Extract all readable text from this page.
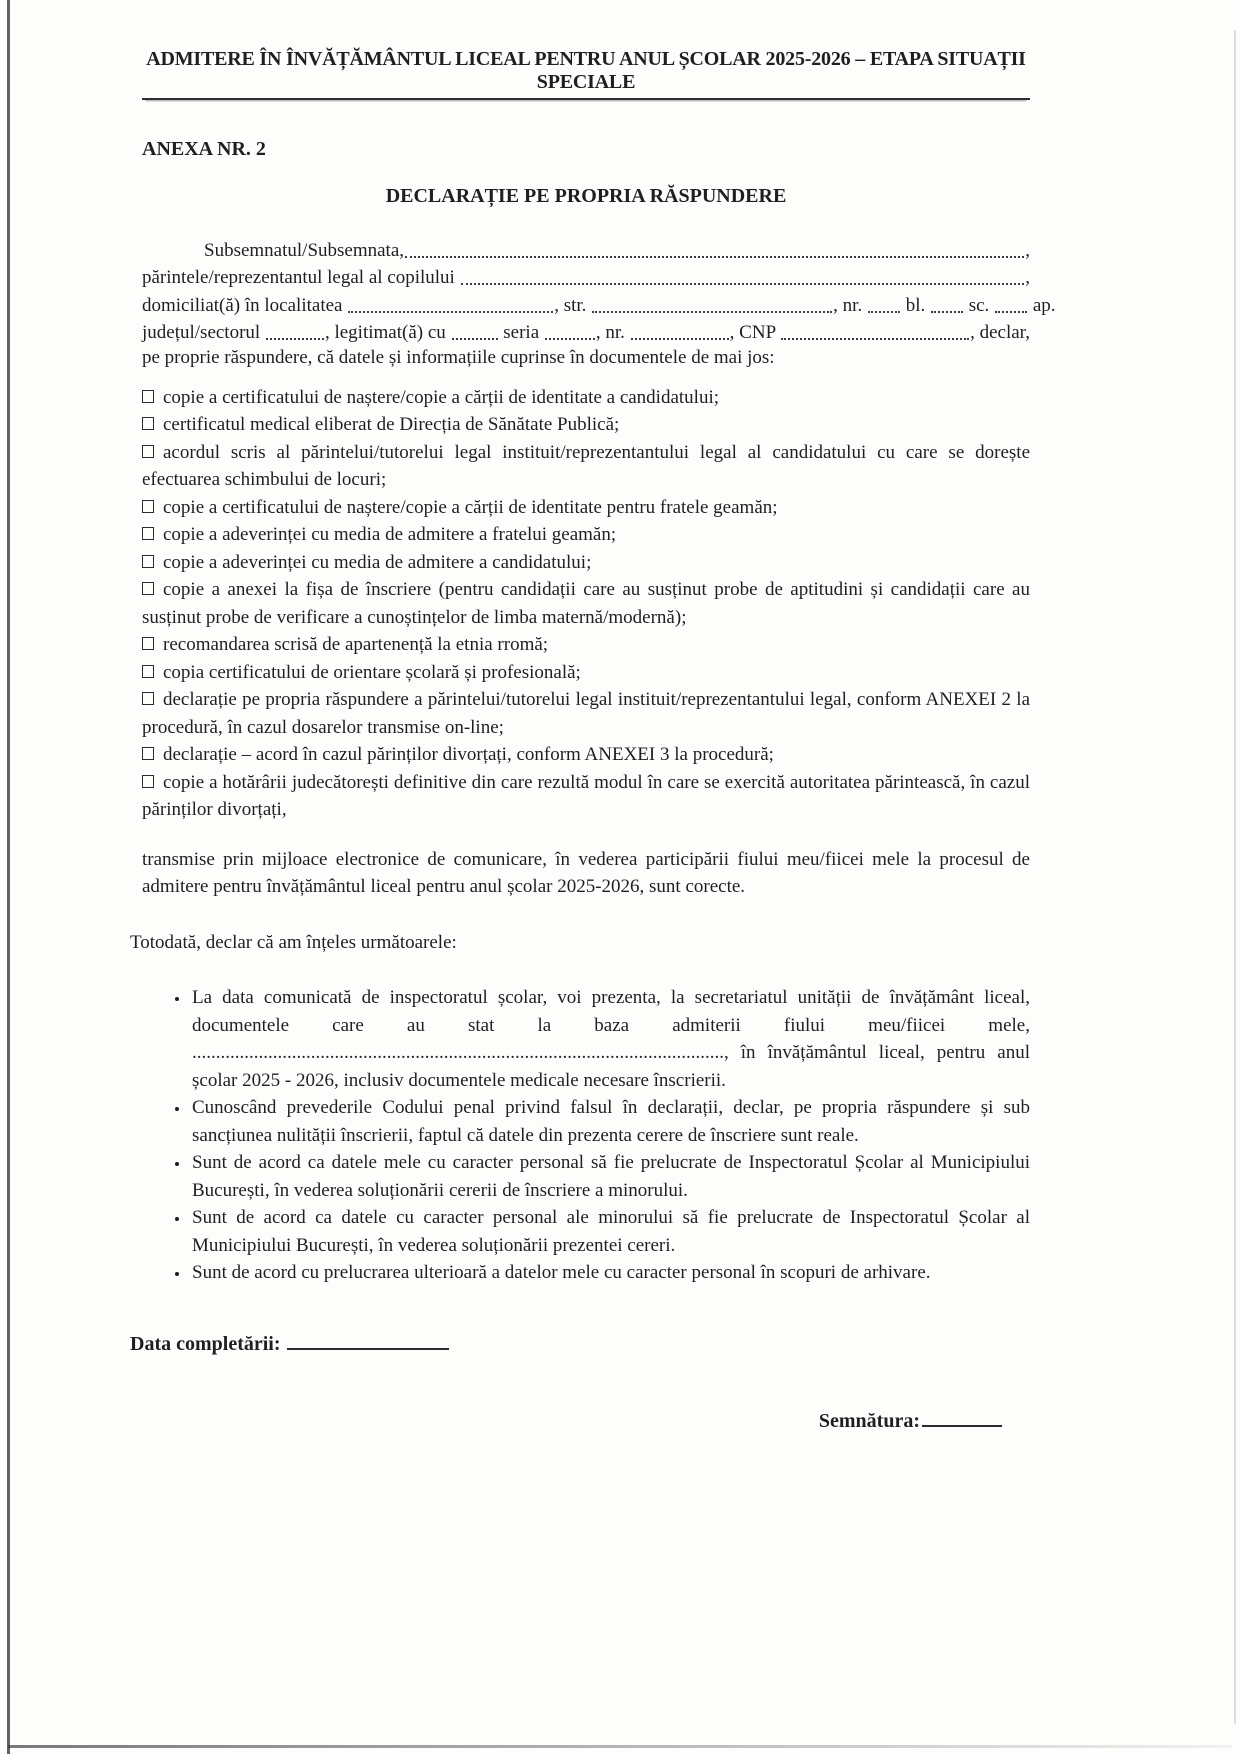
ADMITERE ÎN ÎNVĂȚĂMÂNTUL LICEAL PENTRU ANUL ȘCOLAR 2025-2026 – ETAPA SITUAȚII SPECIALE
ANEXA NR. 2
DECLARAȚIE PE PROPRIA RĂSPUNDERE
Subsemnatul/Subsemnata,	,
părintele/reprezentantul legal al copilului	,
domiciliat(ă) în localitatea	, str.	, nr. bl. sc. ap.
județul/sectorul	, legitimat(ă) cu	seria	, nr.	, CNP	, declar,

pe proprie răspundere, că datele și informațiile cuprinse în documentele de mai jos:

copie a certificatului de naștere/copie a cărții de identitate a candidatului;
certificatul medical eliberat de Direcția de Sănătate Publică;
acordul scris al părintelui/tutorelui legal instituit/reprezentantului legal al candidatului cu care se dorește efectuarea schimbului de locuri;
copie a certificatului de naștere/copie a cărții de identitate pentru fratele geamăn;
copie a adeverinței cu media de admitere a fratelui geamăn;
copie a adeverinței cu media de admitere a candidatului;
copie a anexei la fișa de înscriere (pentru candidații care au susținut probe de aptitudini și candidații care au susținut probe de verificare a cunoștințelor de limba maternă/modernă);
recomandarea scrisă de apartenență la etnia rromă;
copia certificatului de orientare școlară și profesională;
declarație pe propria răspundere a părintelui/tutorelui legal instituit/reprezentantului legal, conform ANEXEI 2 la procedură, în cazul dosarelor transmise on-line;
declarație – acord în cazul părinților divorțați, conform ANEXEI 3 la procedură;
copie a hotărârii judecătorești definitive din care rezultă modul în care se exercită autoritatea părintească, în cazul părinților divorțați,

transmise prin mijloace electronice de comunicare, în vederea participării fiului meu/fiicei mele la procesul de admitere pentru învățământul liceal pentru anul școlar 2025-2026, sunt corecte.

Totodată, declar că am înțeles următoarele:

• La data comunicată de inspectoratul școlar, voi prezenta, la secretariatul unității de învățământ liceal, documentele care au stat la baza admiterii fiului meu/fiicei mele, ................................................................................................................, în învățământul liceal, pentru anul școlar 2025 - 2026, inclusiv documentele medicale necesare înscrierii.
• Cunoscând prevederile Codului penal privind falsul în declarații, declar, pe propria răspundere și sub sancțiunea nulității înscrierii, faptul că datele din prezenta cerere de înscriere sunt reale.
• Sunt de acord ca datele mele cu caracter personal să fie prelucrate de Inspectoratul Școlar al Municipiului București, în vederea soluționării cererii de înscriere a minorului.
• Sunt de acord ca datele cu caracter personal ale minorului să fie prelucrate de Inspectoratul Școlar al Municipiului București, în vederea soluționării prezentei cereri.
• Sunt de acord cu prelucrarea ulterioară a datelor mele cu caracter personal în scopuri de arhivare.
Data completării:
Semnătura:
